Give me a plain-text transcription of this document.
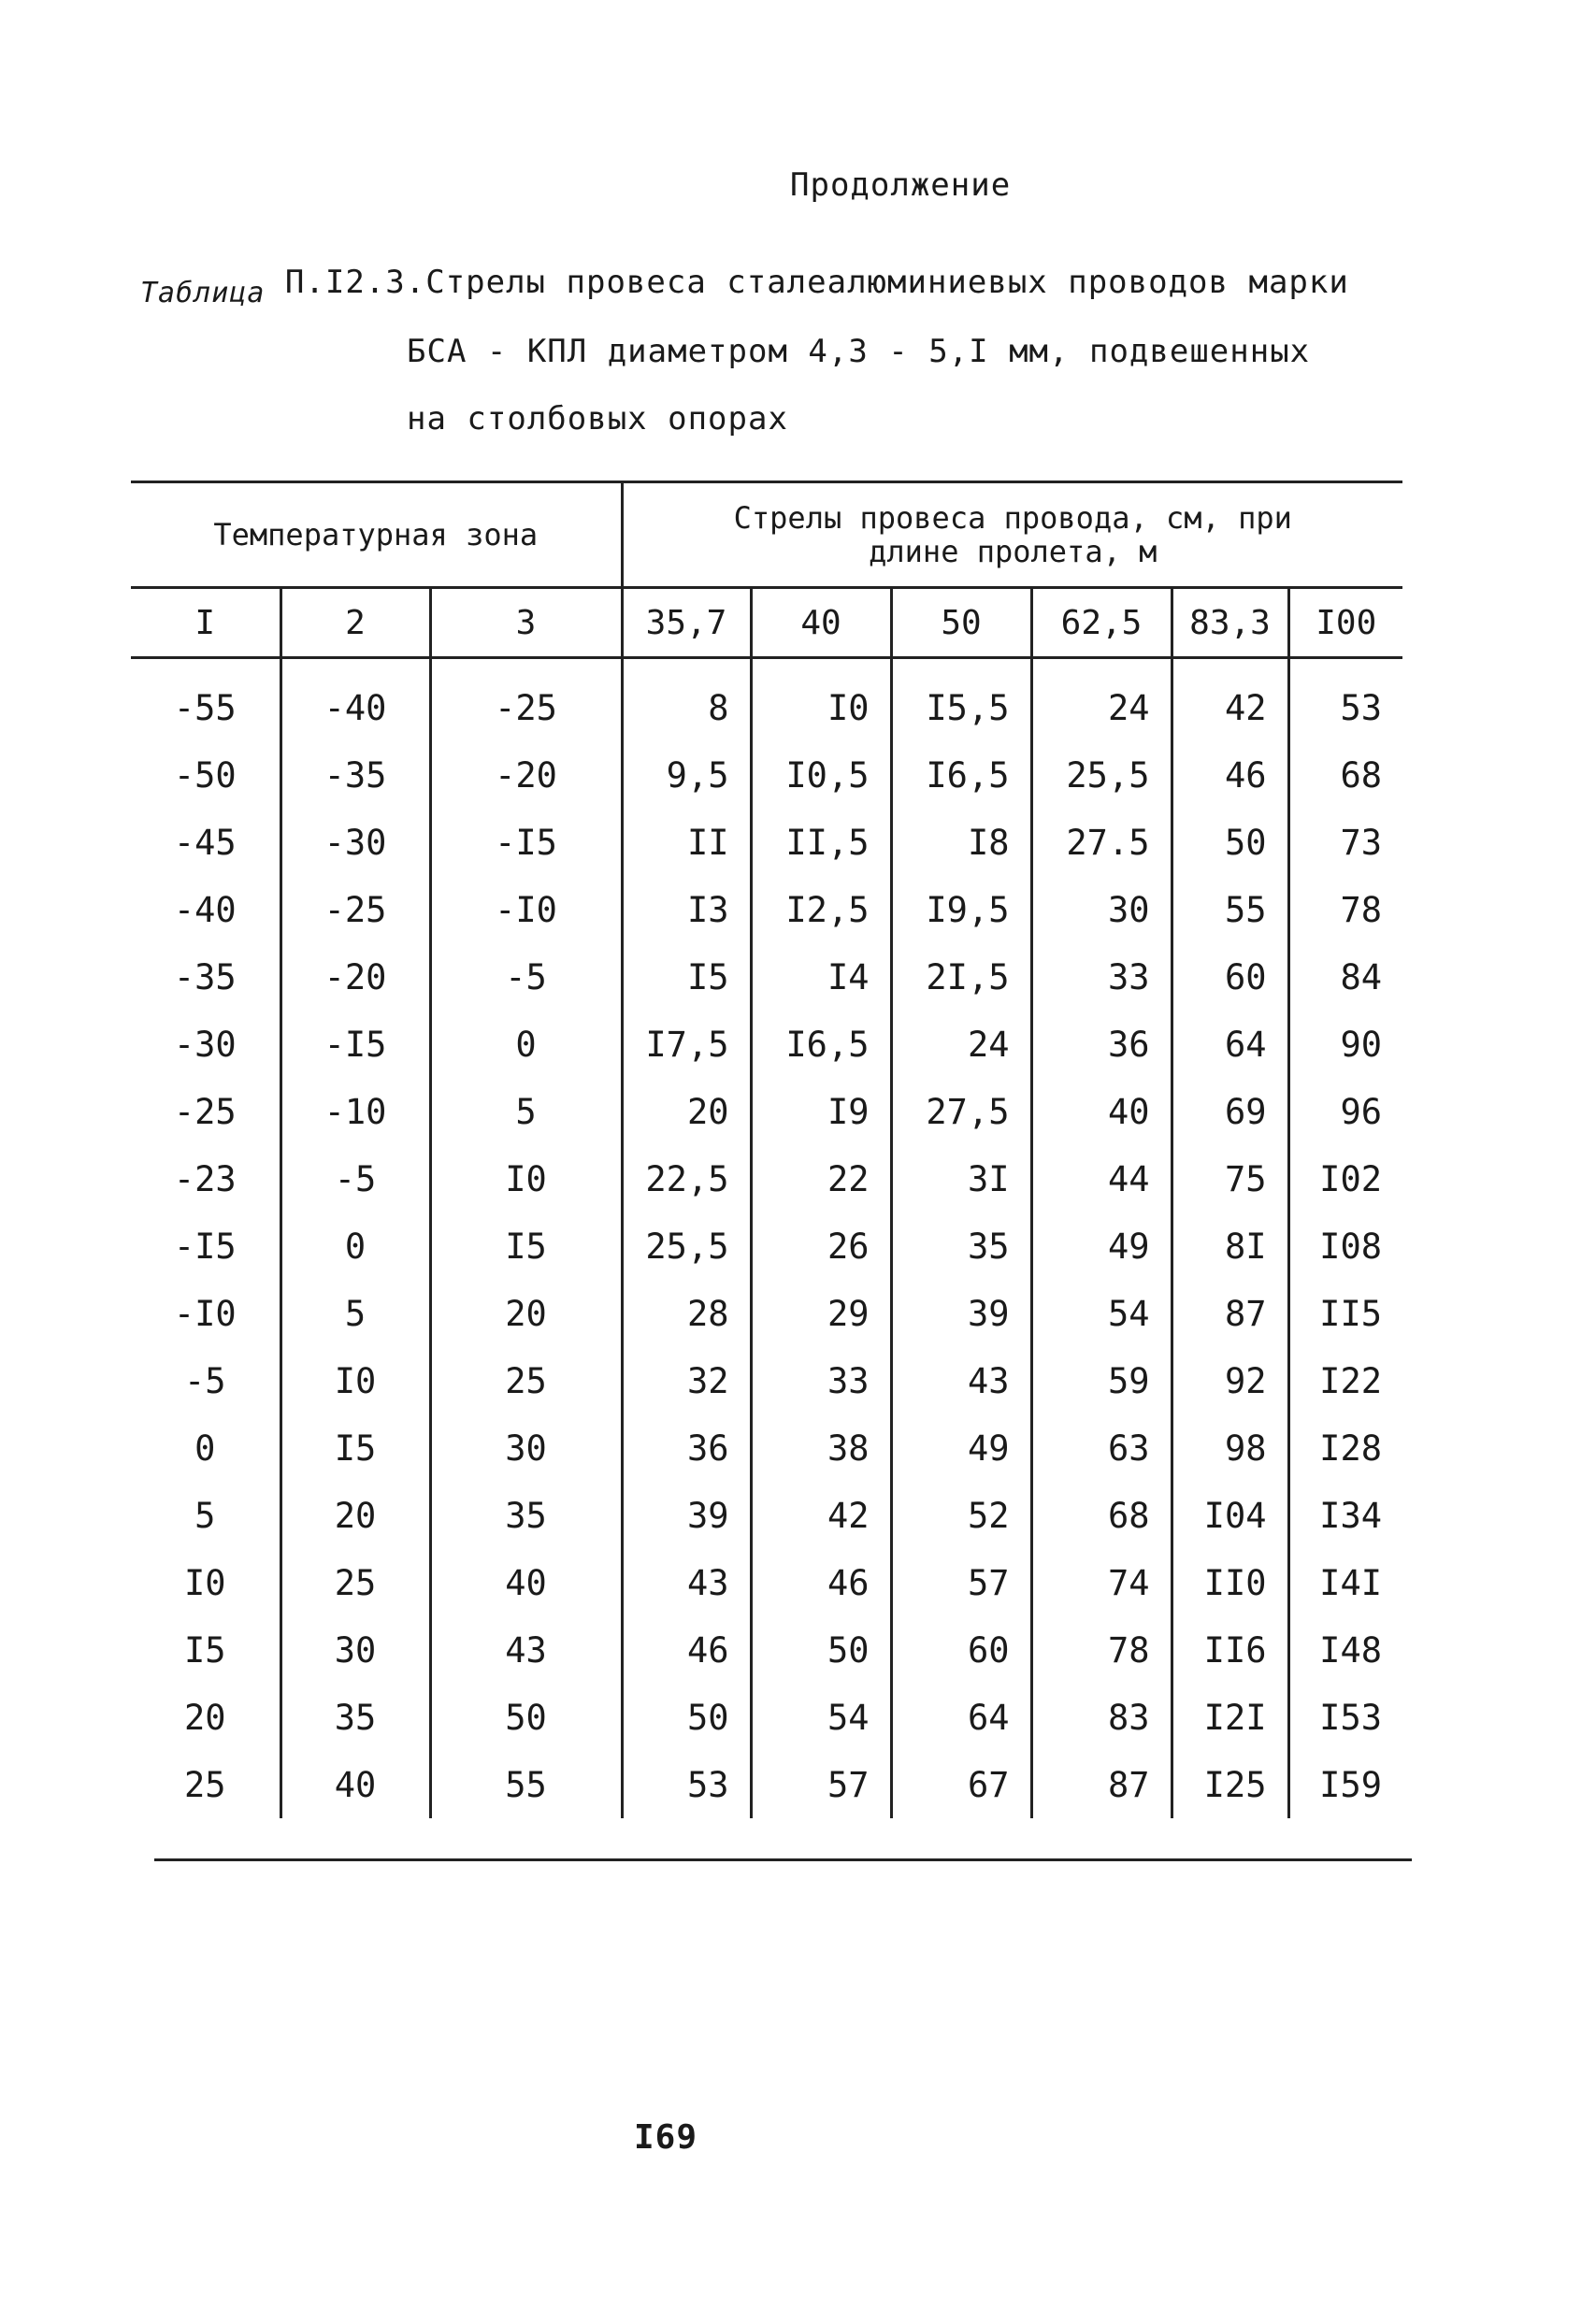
Продолжение
Таблица П.I2.3.Стрелы провеса сталеалюминиевых проводов марки
БСА - КПЛ диаметром 4,3 - 5,I мм, подвешенных
на столбовых опорах
Температурная зона			Стрелы провеса провода, см, при
длине пролета, м					

I	2	3	35,7	40	50	62,5	83,3	I00
-55	-40	-25	8	I0	I5,5	24	42	53
-50	-35	-20	9,5	I0,5	I6,5	25,5	46	68
-45	-30	-I5	II	II,5	I8	27.5	50	73
-40	-25	-I0	I3	I2,5	I9,5	30	55	78
-35	-20	-5	I5	I4	2I,5	33	60	84
-30	-I5	0	I7,5	I6,5	24	36	64	90
-25	-10	5	20	I9	27,5	40	69	96
-23	-5	I0	22,5	22	3I	44	75	I02
-I5	0	I5	25,5	26	35	49	8I	I08
-I0	5	20	28	29	39	54	87	II5
-5	I0	25	32	33	43	59	92	I22
0	I5	30	36	38	49	63	98	I28
5	20	35	39	42	52	68	I04	I34
I0	25	40	43	46	57	74	II0	I4I
I5	30	43	46	50	60	78	II6	I48
20	35	50	50	54	64	83	I2I	I53
25	40	55	53	57	67	87	I25	I59
I69
